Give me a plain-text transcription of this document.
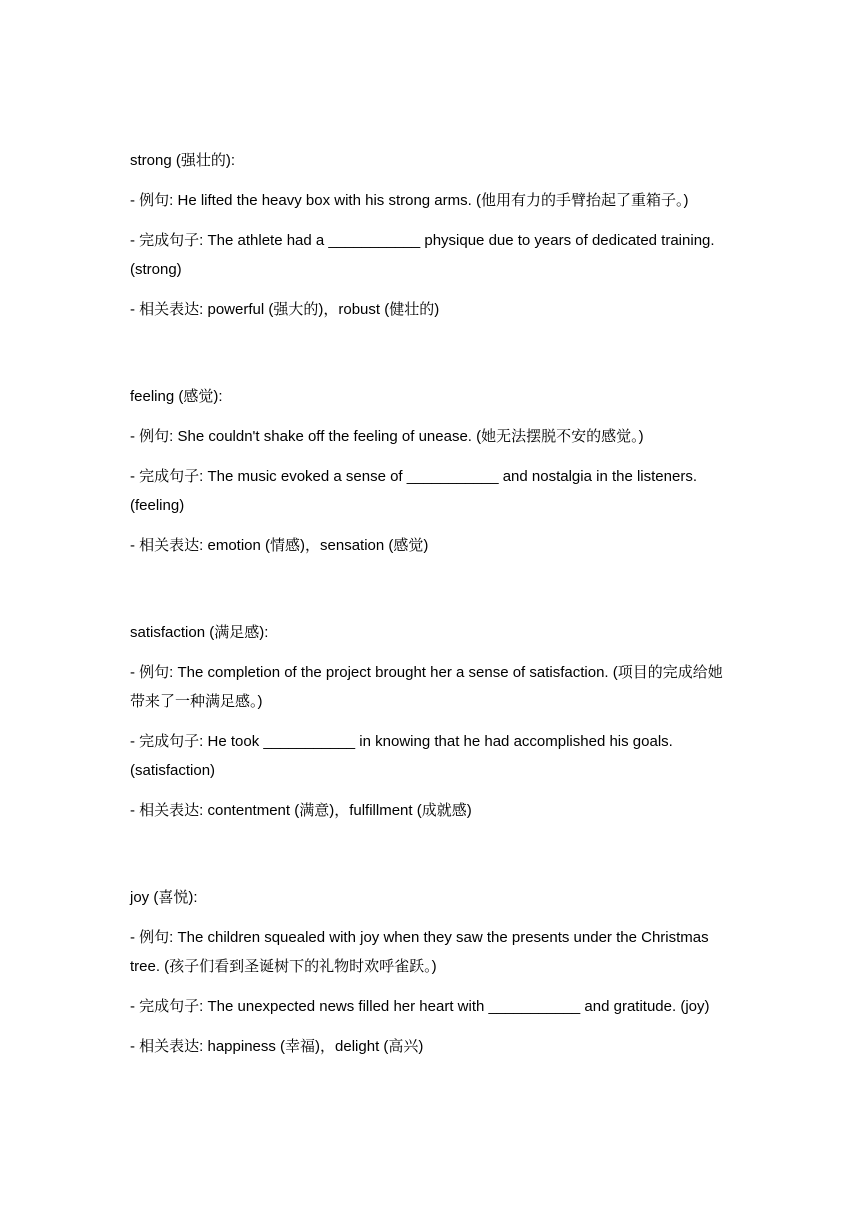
strong (强壮的):
- 例句: He lifted the heavy box with his strong arms. (他用有力的手臂抬起了重箱子。)
- 完成句子: The athlete had a ___________ physique due to years of dedicated training. (strong)
- 相关表达: powerful (强大的)，robust (健壮的)
feeling (感觉):
- 例句: She couldn't shake off the feeling of unease. (她无法摆脱不安的感觉。)
- 完成句子: The music evoked a sense of ___________ and nostalgia in the listeners. (feeling)
- 相关表达: emotion (情感)，sensation (感觉)
satisfaction (满足感):
- 例句: The completion of the project brought her a sense of satisfaction. (项目的完成给她带来了一种满足感。)
- 完成句子: He took ___________ in knowing that he had accomplished his goals. (satisfaction)
- 相关表达: contentment (满意)，fulfillment (成就感)
joy (喜悦):
- 例句: The children squealed with joy when they saw the presents under the Christmas tree. (孩子们看到圣诞树下的礼物时欢呼雀跃。)
- 完成句子: The unexpected news filled her heart with ___________ and gratitude. (joy)
- 相关表达: happiness (幸福)，delight (高兴)
